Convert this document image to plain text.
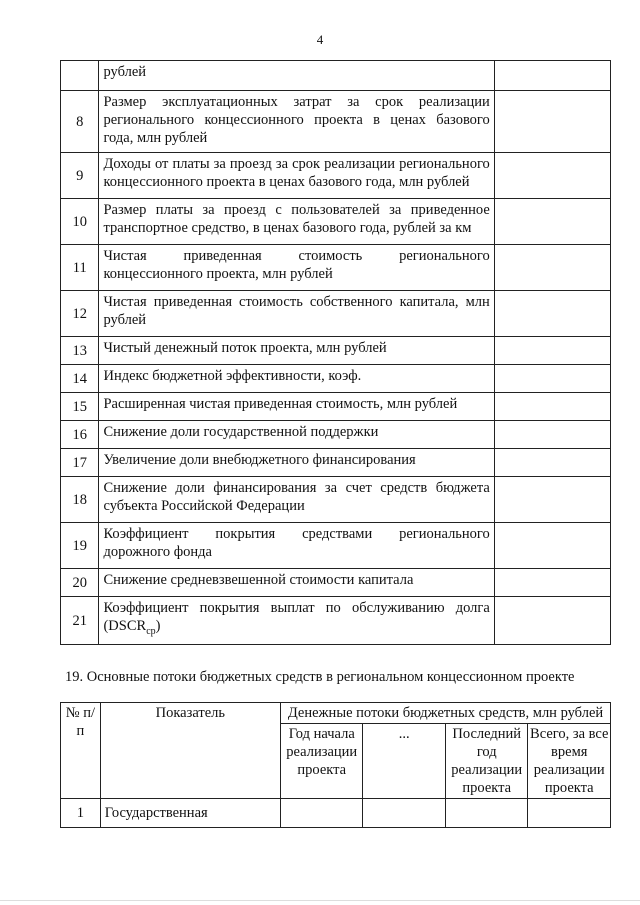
4
	рублей	
8	Размер эксплуатационных затрат за срок реализации регионального концессионного проекта в ценах базового года, млн рублей	
9	Доходы от платы за проезд за срок реализации регионального концессионного проекта в ценах базового года, млн рублей	
10	Размер платы за проезд с пользователей за приведенное транспортное средство, в ценах базового года, рублей за км	
11	Чистая приведенная стоимость регионального концессионного проекта, млн рублей	
12	Чистая приведенная стоимость собственного капитала, млн рублей	
13	Чистый денежный поток проекта, млн рублей	
14	Индекс бюджетной эффективности, коэф.	
15	Расширенная чистая приведенная стоимость, млн рублей	
16	Снижение доли государственной поддержки	
17	Увеличение доли внебюджетного финансирования	
18	Снижение доли финансирования за счет средств бюджета субъекта Российской Федерации	
19	Коэффициент покрытия средствами регионального дорожного фонда	
20	Снижение средневзвешенной стоимости капитала	
21	Коэффициент покрытия выплат по обслуживанию долга $(DSCR_{ср})$	
19. Основные потоки бюджетных средств в региональном концессионном проекте
№ п/п	Показатель	Денежные потоки бюджетных средств, млн рублей			
		Год начала реализации проекта	...	Последний год реализации проекта	Всего, за все время реализации проекта
1	Государственная				
